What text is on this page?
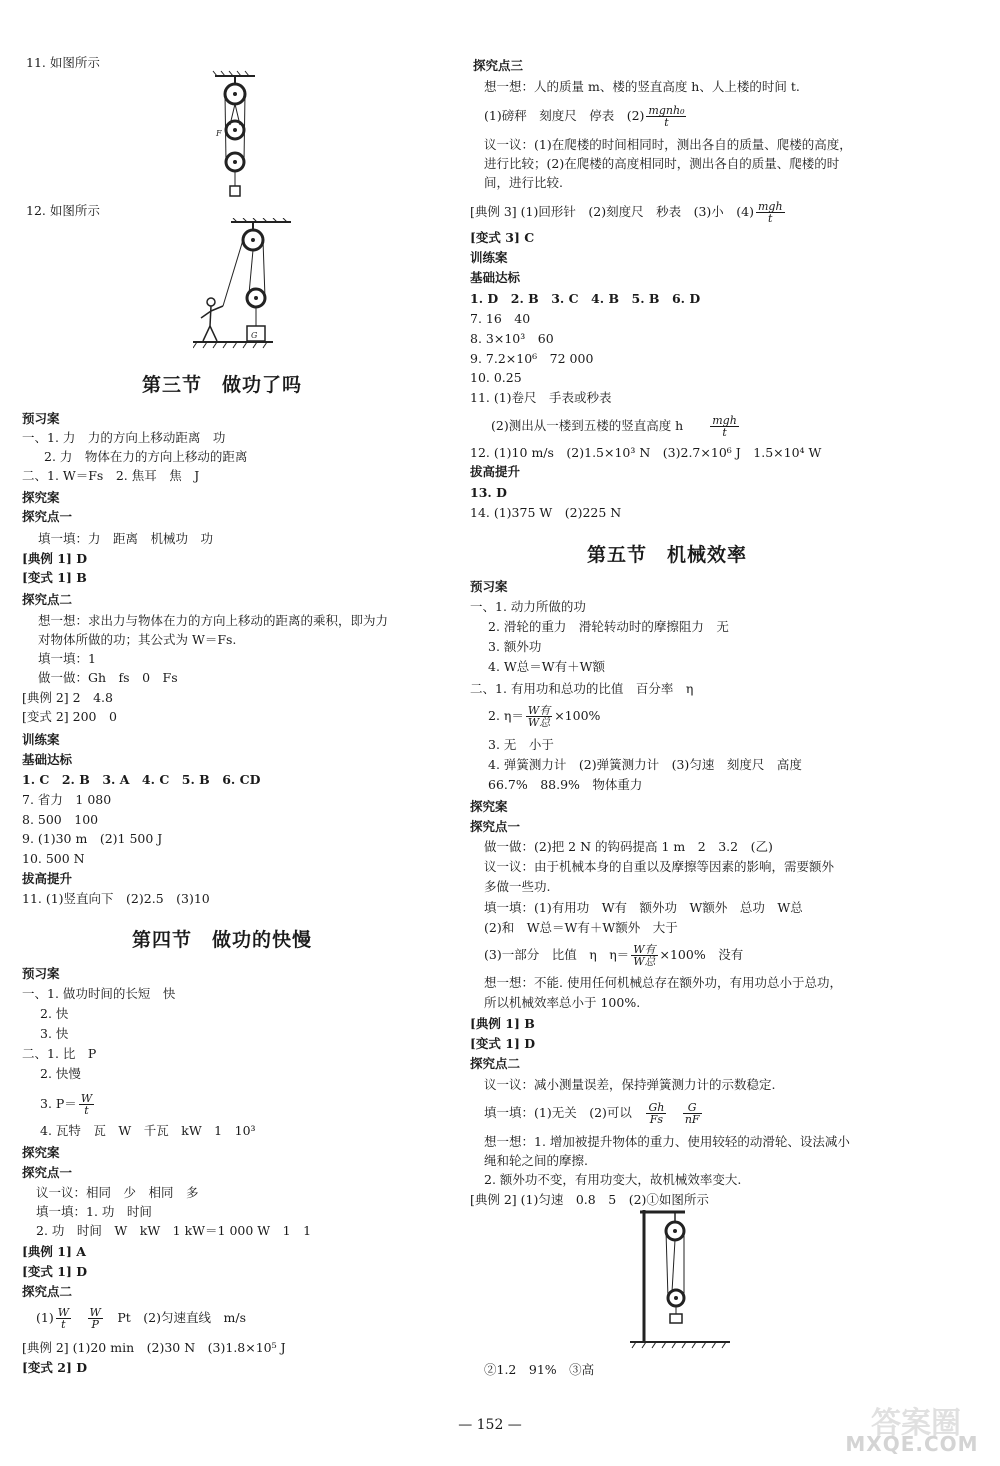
11. 如图所示
F
12. 如图所示
G
第三节　做功了吗
预习案
一、1. 力　力的方向上移动距离　功
2. 力　物体在力的方向上移动的距离
二、1. W＝Fs　2. 焦耳　焦　J
探究案
探究点一
填一填：力　距离　机械功　功
[典例 1] D
[变式 1] B
探究点二
想一想：求出力与物体在力的方向上移动的距离的乘积，即为力
对物体所做的功；其公式为 W＝Fs.
填一填：1
做一做：Gh　fs　0　Fs
[典例 2] 2　4.8
[变式 2] 200　0
训练案
基础达标
1. C　2. B　3. A　4. C　5. B　6. CD
7. 省力　1 080
8. 500　100
9. (1)30 m　(2)1 500 J
10. 500 N
拔高提升
11. (1)竖直向下　(2)2.5　(3)10
第四节　做功的快慢
预习案
一、1. 做功时间的长短　快
2. 快
3. 快
二、1. 比　P
2. 快慢
3. $P= \frac{W}{t}$
4. 瓦特　瓦　W　千瓦　kW　1　10³
探究案
探究点一
议一议：相同　少　相同　多
填一填：1. 功　时间
2. 功　时间　W　kW　1 kW＝1 000 W　1　1
[典例 1] A
[变式 1] D
探究点二
$(1) \frac{W}{t}$
　 $\frac{W}{P}$
　 Pt　(2)匀速直线　m/s
[典例 2] (1)20 min　(2)30 N　(3)1.8×10⁵ J
[变式 2] D
探究点三
想一想：人的质量 m、楼的竖直高度 h、人上楼的时间 t.
(1)磅秤　刻度尺　停表　$(2) \frac{\text{mgnh₀}}{t}$
议一议：(1)在爬楼的时间相同时，测出各自的质量、爬楼的高度，
进行比较；(2)在爬楼的高度相同时，测出各自的质量、爬楼的时
间，进行比较.
[典例 3] (1)回形针　(2)刻度尺　秒表　(3)小　$(4) \frac{\text{mgh}}{t}$
[变式 3] C
训练案
基础达标
1. D　2. B　3. C　4. B　5. B　6. D
7. 16　40
8. 3×10³　60
9. 7.2×10⁶　72 000
10. 0.25
11. (1)卷尺　手表或秒表
(2)测出从一楼到五楼的竖直高度 h　　 $\frac{\text{mgh}}{t}$
12. (1)10 m/s　(2)1.5×10³ N　(3)2.7×10⁶ J　1.5×10⁴ W
拔高提升
13. D
14. (1)375 W　(2)225 N
第五节　机械效率
预习案
一、1. 动力所做的功
2. 滑轮的重力　滑轮转动时的摩擦阻力　无
3. 额外功
4. W总＝W有＋W额
二、1. 有用功和总功的比值　百分率　η
2. $\eta= \frac{\text{W有}}{\text{W总}} \times 100\%$
3. 无　小于
4. 弹簧测力计　(2)弹簧测力计　(3)匀速　刻度尺　高度
66.7%　88.9%　物体重力
探究案
探究点一
做一做：(2)把 2 N 的钩码提高 1 m　2　3.2　(乙)
议一议：由于机械本身的自重以及摩擦等因素的影响，需要额外
多做一些功.
填一填：(1)有用功　W有　额外功　W额外　总功　W总
(2)和　W总＝W有＋W额外　大于
(3)一部分　比值　η　$\eta= \frac{\text{W有}}{\text{W总}} \times 100\%$　没有
想一想：不能. 使用任何机械总存在额外功，有用功总小于总功，
所以机械效率总小于 100%.
[典例 1] B
[变式 1] D
探究点二
议一议：减小测量误差，保持弹簧测力计的示数稳定.
填一填：(1)无关　(2)可以　 $\frac{Gh}{Fs}$
　 $\frac{G}{nF}$
想一想：1. 增加被提升物体的重力、使用较轻的动滑轮、设法减小
绳和轮之间的摩擦.
2. 额外功不变，有用功变大，故机械效率变大.
[典例 2] (1)匀速　0.8　5　(2)①如图所示
②1.2　91%　③高
— 152 —	答案圈
MXQE.COM
